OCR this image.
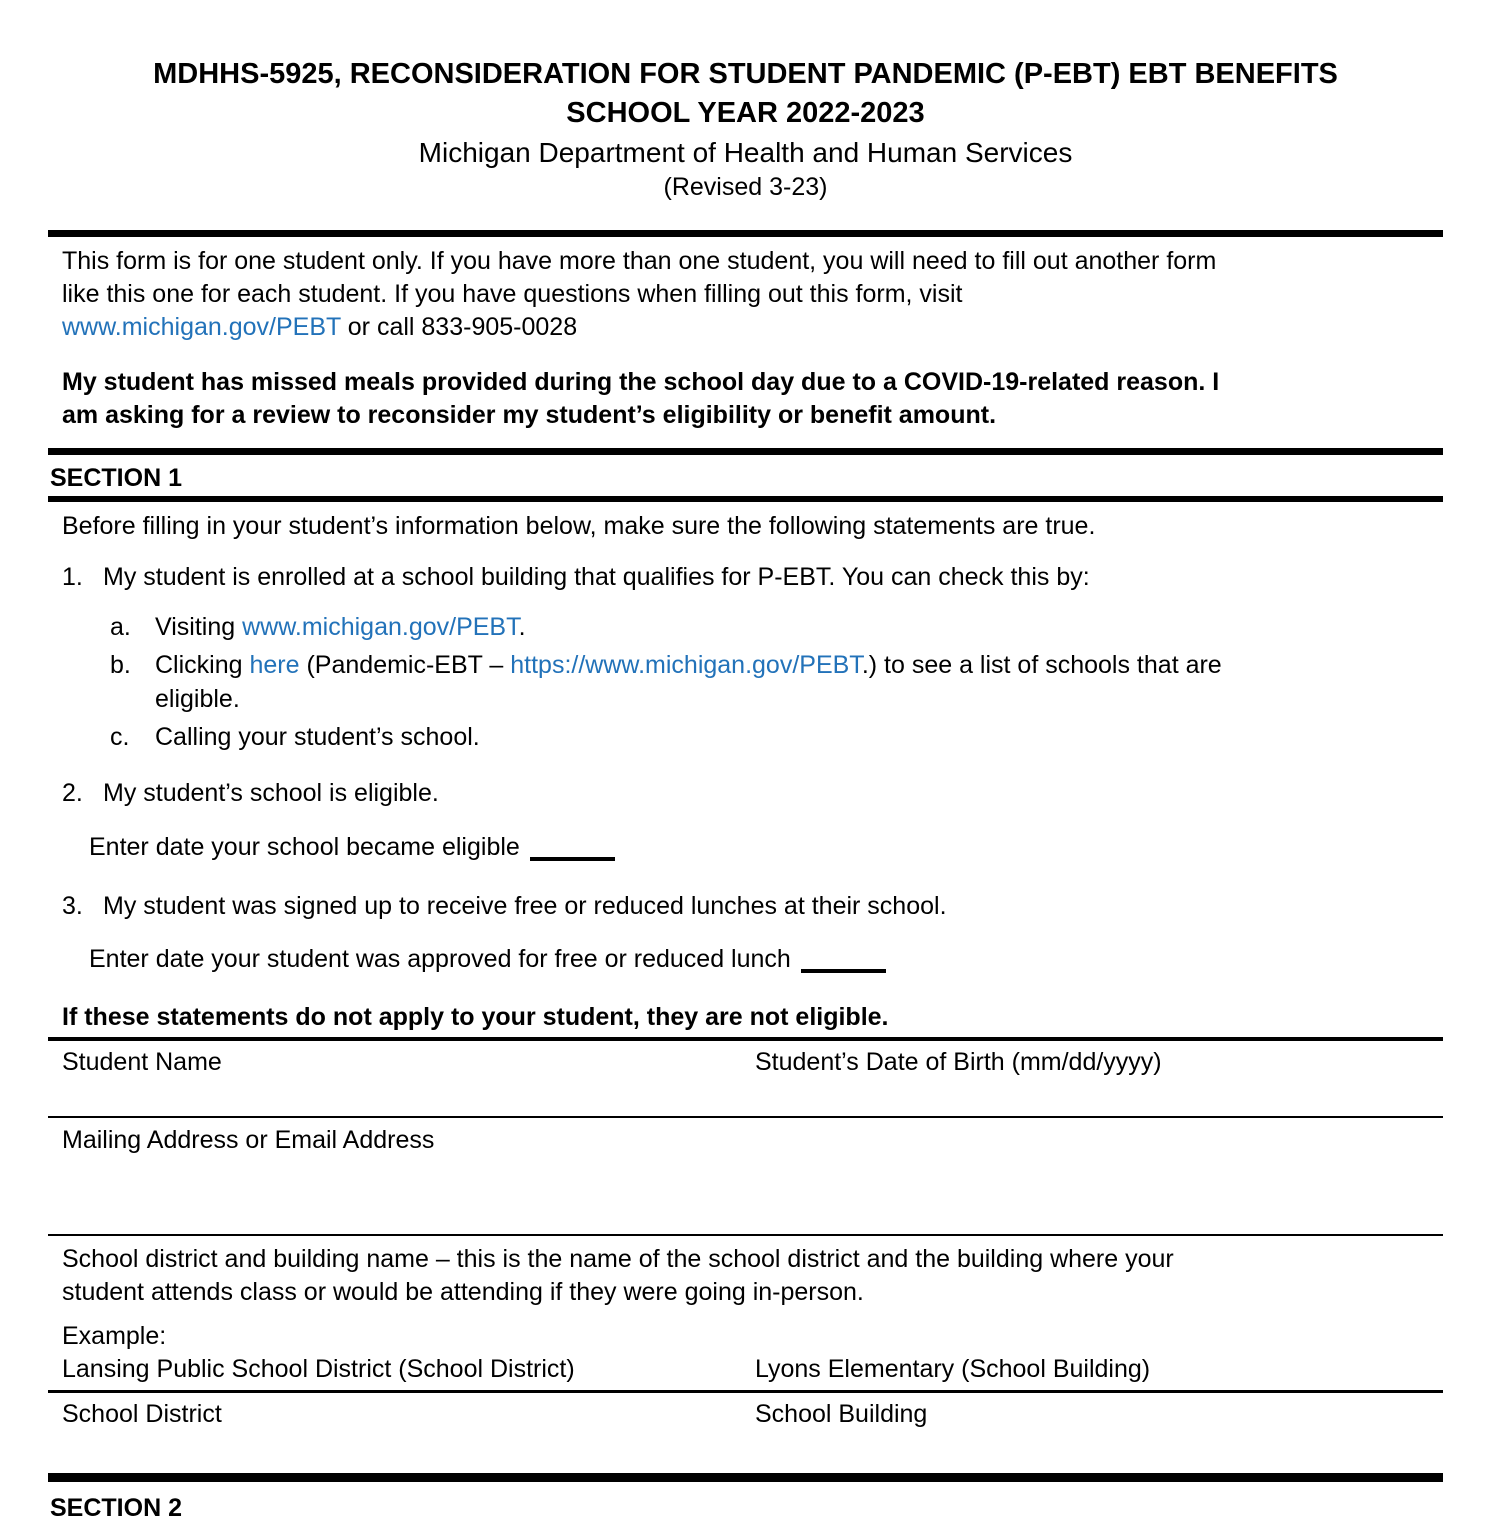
MDHHS-5925, RECONSIDERATION FOR STUDENT PANDEMIC (P-EBT) EBT BENEFITS
SCHOOL YEAR 2022-2023
Michigan Department of Health and Human Services
(Revised 3-23)
This form is for one student only. If you have more than one student, you will need to fill out another form
like this one for each student. If you have questions when filling out this form, visit
www.michigan.gov/PEBT or call 833-905-0028
My student has missed meals provided during the school day due to a COVID-19-related reason. I
am asking for a review to reconsider my student’s eligibility or benefit amount.
SECTION 1
Before filling in your student’s information below, make sure the following statements are true.
1. My student is enrolled at a school building that qualifies for P-EBT. You can check this by:
a. Visiting www.michigan.gov/PEBT.
b. Clicking here (Pandemic-EBT – https://www.michigan.gov/PEBT.) to see a list of schools that are
eligible.
c.	Calling your student’s school.
2. My student’s school is eligible.
Enter date your school became eligible
3. My student was signed up to receive free or reduced lunches at their school.
Enter date your student was approved for free or reduced lunch
If these statements do not apply to your student, they are not eligible.
Student Name	Student’s Date of Birth (mm/dd/yyyy)
Mailing Address or Email Address
School district and building name – this is the name of the school district and the building where your
student attends class or would be attending if they were going in-person.
Example:
Lansing Public School District (School District)	Lyons Elementary (School Building)
School District	School Building
SECTION 2
